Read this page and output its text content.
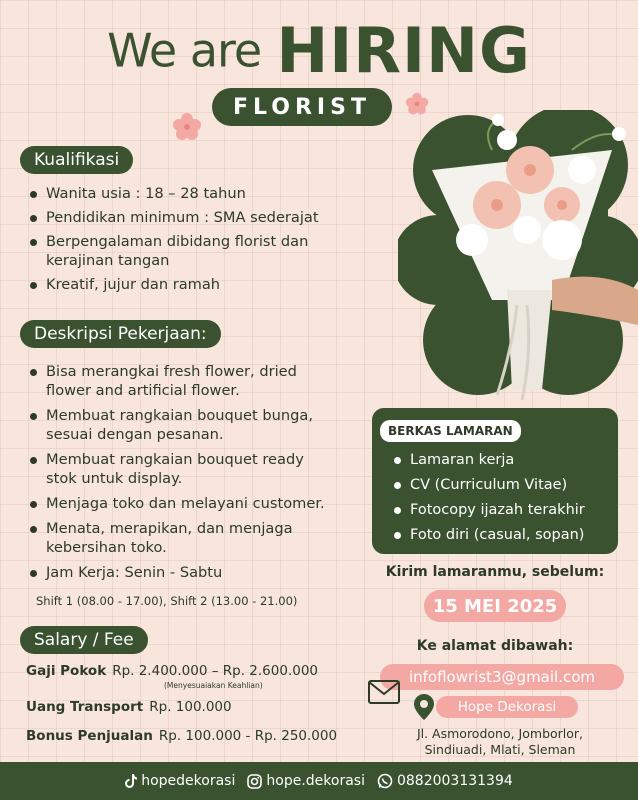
We are HIRING
FLORIST
Kualifikasi
Wanita usia : 18 – 28 tahun
Pendidikan minimum : SMA sederajat
Berpengalaman dibidang florist dan kerajinan tangan
Kreatif, jujur dan ramah
Deskripsi Pekerjaan:
Bisa merangkai fresh flower, dried flower and artificial flower.
Membuat rangkaian bouquet bunga, sesuai dengan pesanan.
Membuat rangkaian bouquet ready stok untuk display.
Menjaga toko dan melayani customer.
Menata, merapikan, dan menjaga kebersihan toko.
Jam Kerja: Senin - Sabtu
Shift 1 (08.00 - 17.00), Shift 2 (13.00 - 21.00)
Salary / Fee
Gaji Pokok Rp. 2.400.000 – Rp. 2.600.000
(Menyesuaiakan Keahlian)
Uang Transport Rp. 100.000
Bonus Penjualan Rp. 100.000 - Rp. 250.000
BERKAS LAMARAN
Lamaran kerja
CV (Curriculum Vitae)
Fotocopy ijazah terakhir
Foto diri (casual, sopan)
Kirim lamaranmu, sebelum:
15 MEI 2025
Ke alamat dibawah:
infoflowrist3@gmail.com
Hope Dekorasi
Jl. Asmorodono, Jomborlor, Sindiuadi, Mlati, Sleman
hopedekorasi hope.dekorasi 0882003131394
